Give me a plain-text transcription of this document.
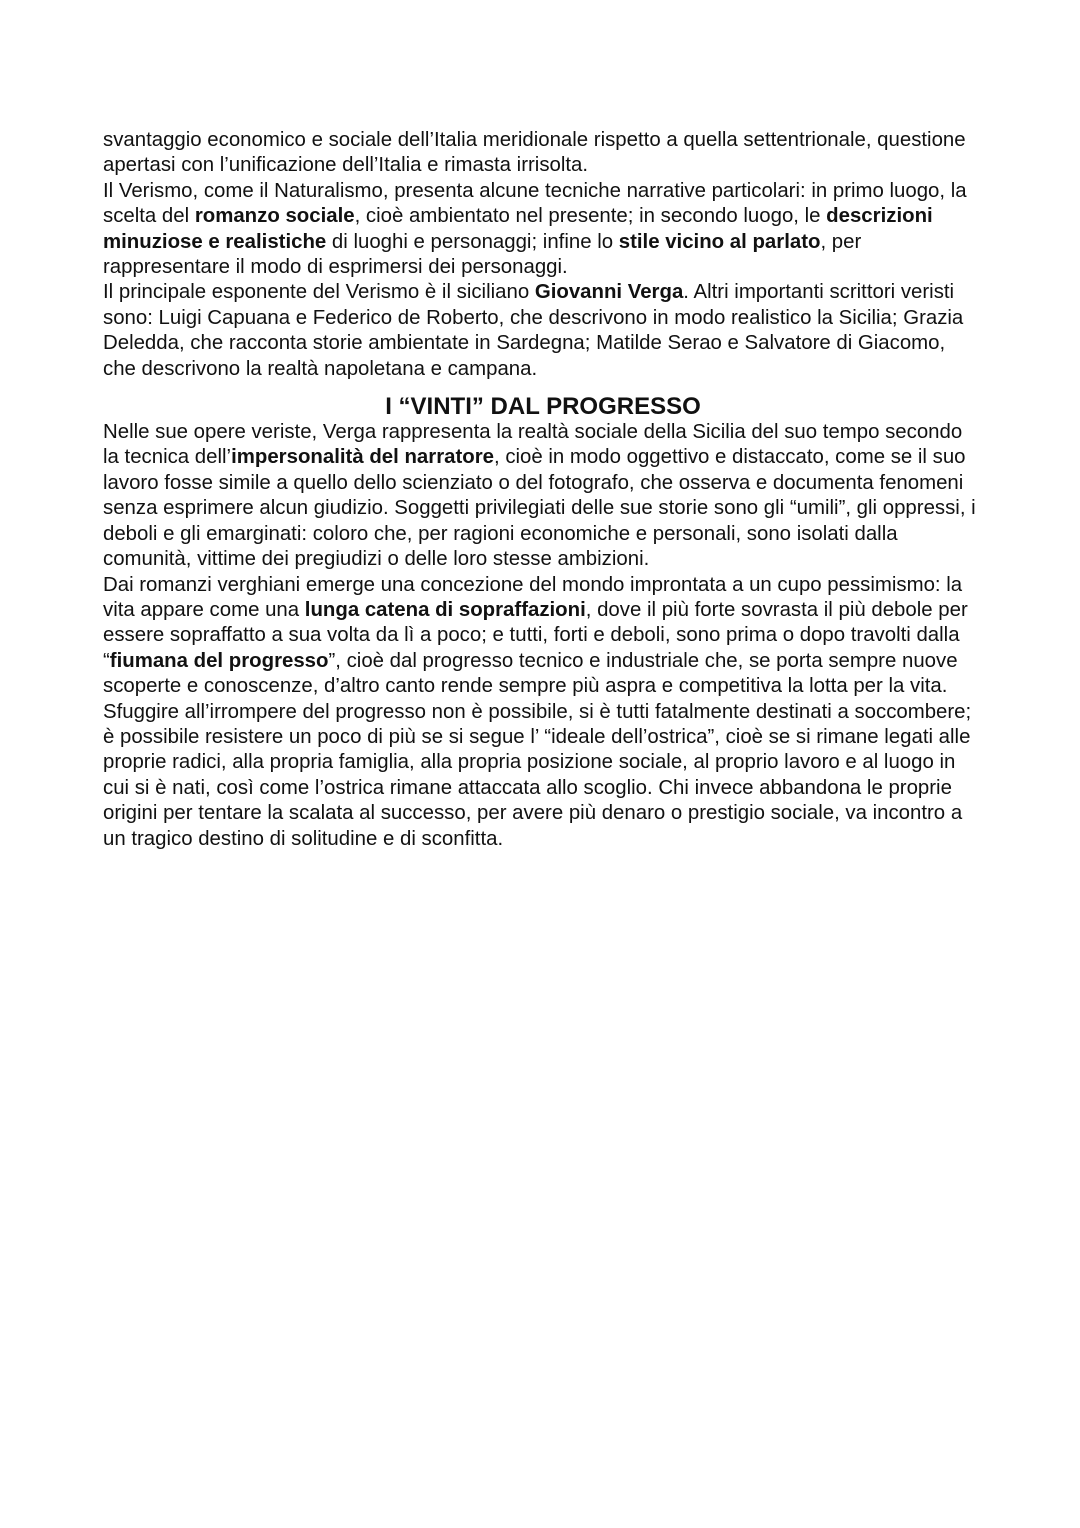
svantaggio economico e sociale dell’Italia meridionale rispetto a quella settentrionale, questione apertasi con l’unificazione dell’Italia e rimasta irrisolta.

Il Verismo, come il Naturalismo, presenta alcune tecniche narrative particolari: in primo luogo, la scelta del romanzo sociale, cioè ambientato nel presente; in secondo luogo, le descrizioni minuziose e realistiche di luoghi e personaggi; infine lo stile vicino al parlato, per rappresentare il modo di esprimersi dei personaggi.

Il principale esponente del Verismo è il siciliano Giovanni Verga. Altri importanti scrittori veristi sono: Luigi Capuana e Federico de Roberto, che descrivono in modo realistico la Sicilia; Grazia Deledda, che racconta storie ambientate in Sardegna; Matilde Serao e Salvatore di Giacomo, che descrivono la realtà napoletana e campana.

I “VINTI” DAL PROGRESSO

Nelle sue opere veriste, Verga rappresenta la realtà sociale della Sicilia del suo tempo secondo la tecnica dell’impersonalità del narratore, cioè in modo oggettivo e distaccato, come se il suo lavoro fosse simile a quello dello scienziato o del fotografo, che osserva e documenta fenomeni senza esprimere alcun giudizio. Soggetti privilegiati delle sue storie sono gli “umili”, gli oppressi, i deboli e gli emarginati: coloro che, per ragioni economiche e personali, sono isolati dalla comunità, vittime dei pregiudizi o delle loro stesse ambizioni.

Dai romanzi verghiani emerge una concezione del mondo improntata a un cupo pessimismo: la vita appare come una lunga catena di sopraffazioni, dove il più forte sovrasta il più debole per essere sopraffatto a sua volta da lì a poco; e tutti, forti e deboli, sono prima o dopo travolti dalla “fiumana del progresso”, cioè dal progresso tecnico e industriale che, se porta sempre nuove scoperte e conoscenze, d’altro canto rende sempre più aspra e competitiva la lotta per la vita. Sfuggire all’irrompere del progresso non è possibile, si è tutti fatalmente destinati a soccombere; è possibile resistere un poco di più se si segue l’ “ideale dell’ostrica”, cioè se si rimane legati alle proprie radici, alla propria famiglia, alla propria posizione sociale, al proprio lavoro e al luogo in cui si è nati, così come l’ostrica rimane attaccata allo scoglio. Chi invece abbandona le proprie origini per tentare la scalata al successo, per avere più denaro o prestigio sociale, va incontro a un tragico destino di solitudine e di sconfitta.
